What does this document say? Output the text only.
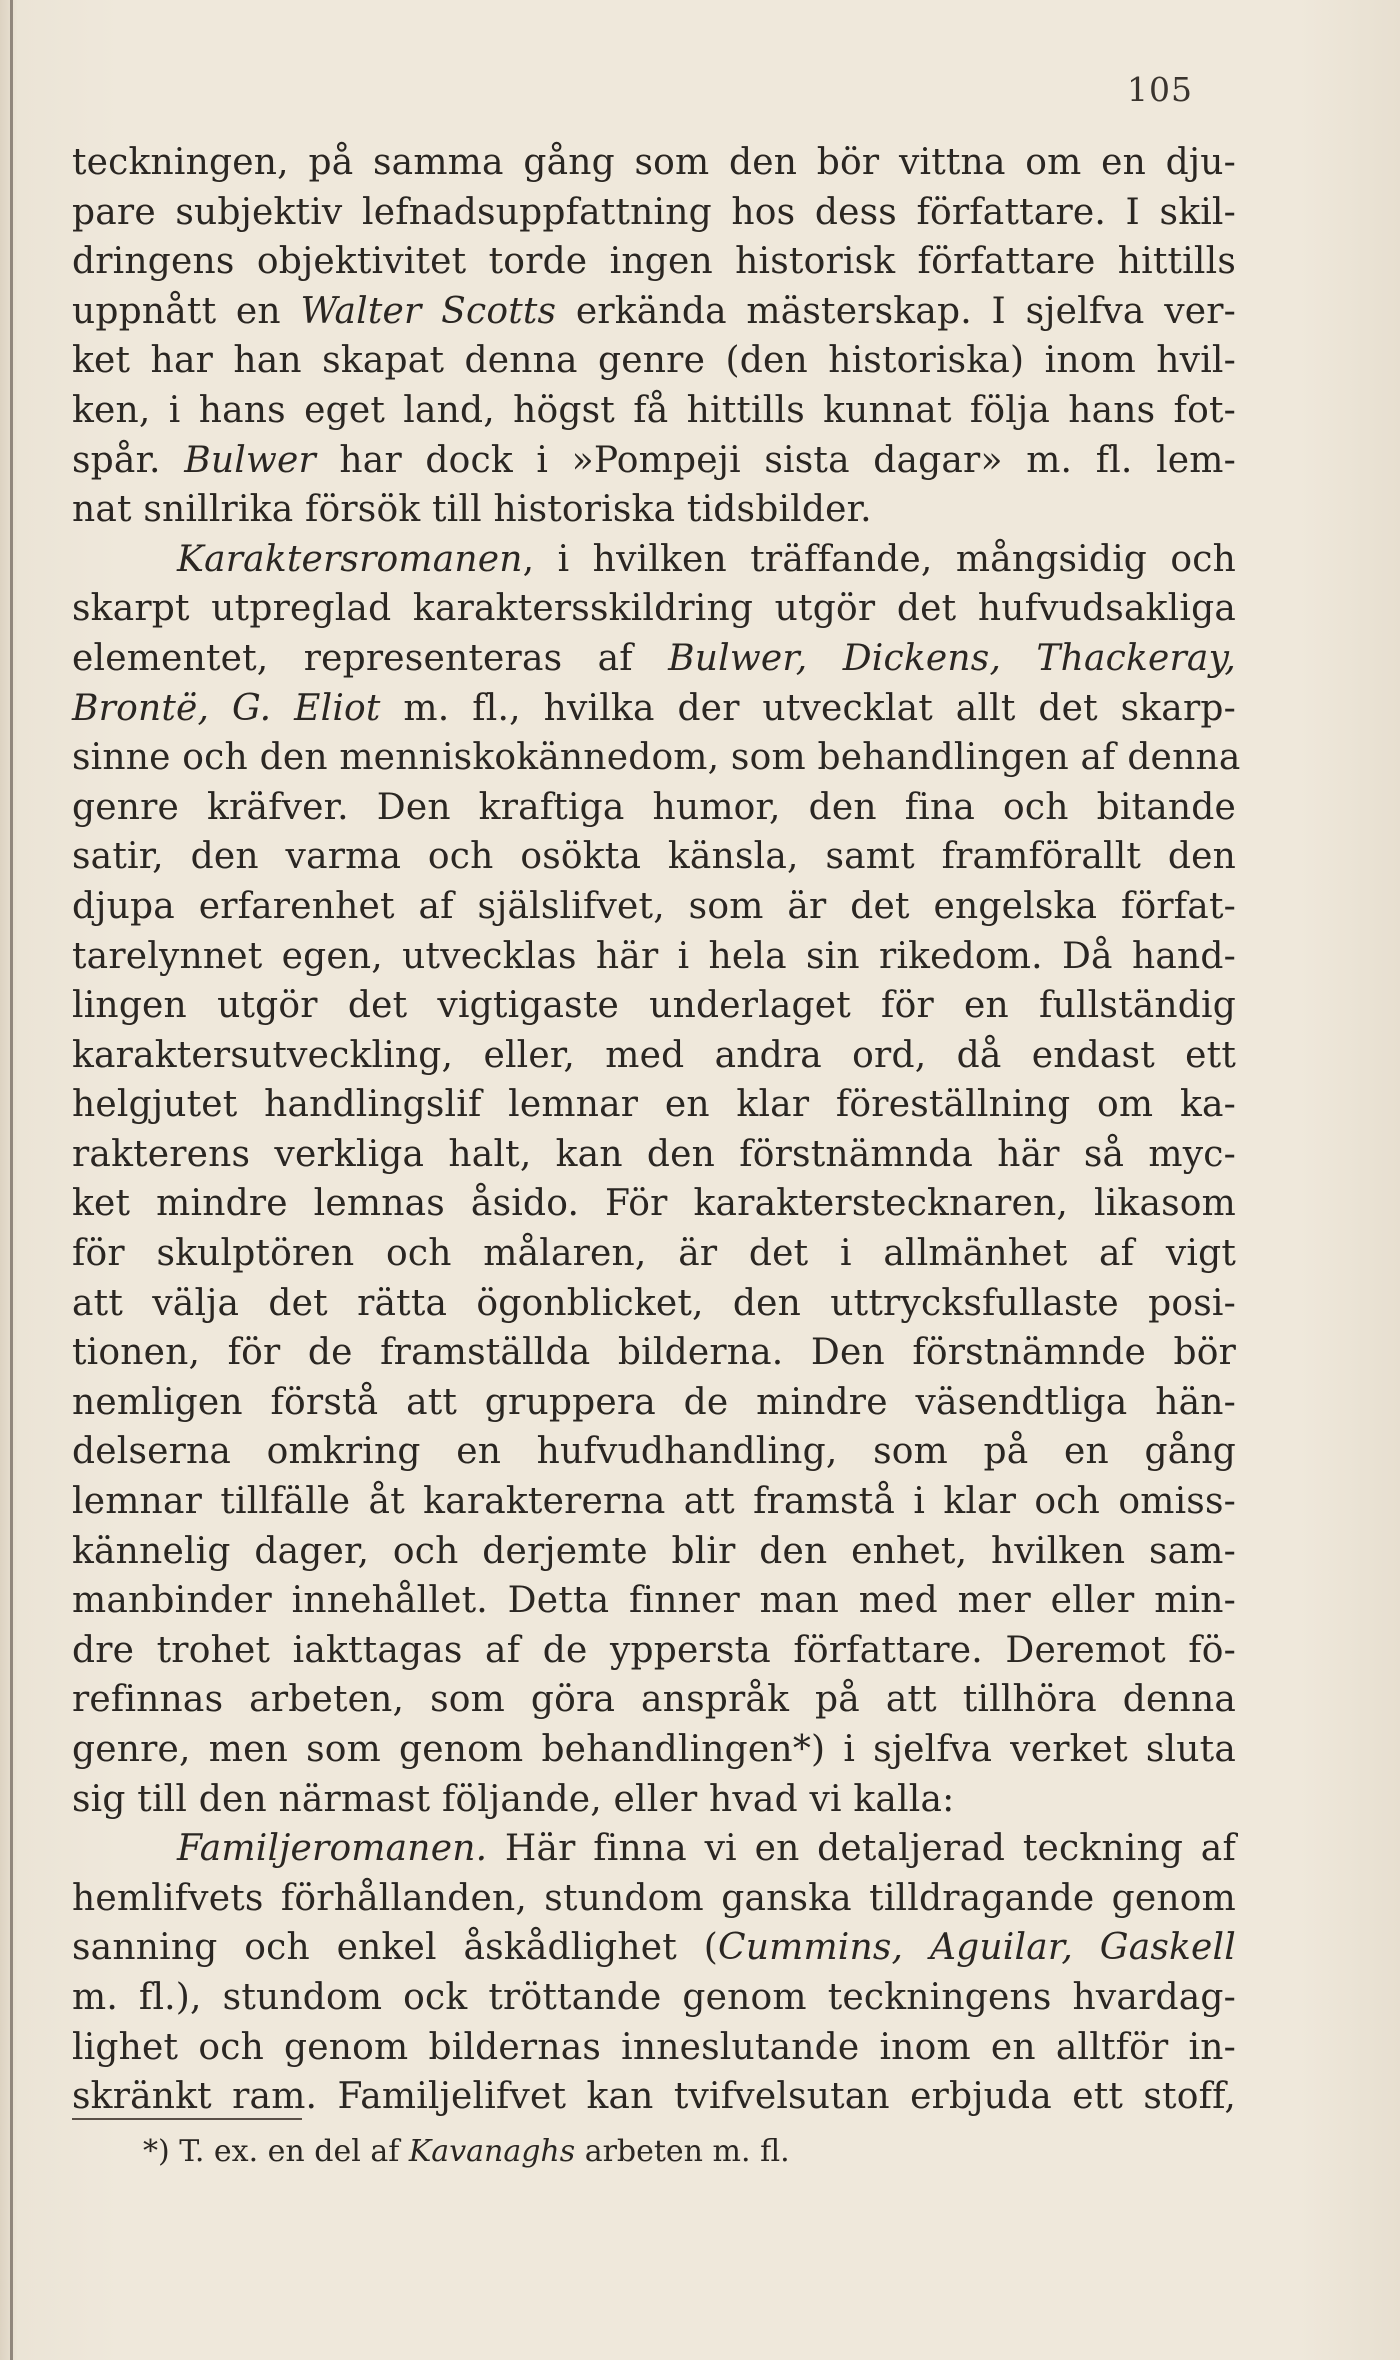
105
teckningen, på samma gång som den bör vittna om en dju-
pare subjektiv lefnadsuppfattning hos dess författare. I skil-
dringens objektivitet torde ingen historisk författare hittills
uppnått en Walter Scotts erkända mästerskap. I sjelfva ver-
ket har han skapat denna genre (den historiska) inom hvil-
ken, i hans eget land, högst få hittills kunnat följa hans fot-
spår. Bulwer har dock i »Pompeji sista dagar» m. fl. lem-
nat snillrika försök till historiska tidsbilder.
Karaktersromanen, i hvilken träffande, mångsidig och
skarpt utpreglad karaktersskildring utgör det hufvudsakliga
elementet, representeras af Bulwer, Dickens, Thackeray,
Brontë, G. Eliot m. fl., hvilka der utvecklat allt det skarp-
sinne och den menniskokännedom, som behandlingen af denna
genre kräfver. Den kraftiga humor, den fina och bitande
satir, den varma och osökta känsla, samt framförallt den
djupa erfarenhet af själslifvet, som är det engelska förfat-
tarelynnet egen, utvecklas här i hela sin rikedom. Då hand-
lingen utgör det vigtigaste underlaget för en fullständig
karaktersutveckling, eller, med andra ord, då endast ett
helgjutet handlingslif lemnar en klar föreställning om ka-
rakterens verkliga halt, kan den förstnämnda här så myc-
ket mindre lemnas åsido. För karakterstecknaren, likasom
för skulptören och målaren, är det i allmänhet af vigt
att välja det rätta ögonblicket, den uttrycksfullaste posi-
tionen, för de framställda bilderna. Den förstnämnde bör
nemligen förstå att gruppera de mindre väsendtliga hän-
delserna omkring en hufvudhandling, som på en gång
lemnar tillfälle åt karaktererna att framstå i klar och omiss-
kännelig dager, och derjemte blir den enhet, hvilken sam-
manbinder innehållet. Detta finner man med mer eller min-
dre trohet iakttagas af de yppersta författare. Deremot fö-
refinnas arbeten, som göra anspråk på att tillhöra denna
genre, men som genom behandlingen*) i sjelfva verket sluta
sig till den närmast följande, eller hvad vi kalla:
Familjeromanen. Här finna vi en detaljerad teckning af
hemlifvets förhållanden, stundom ganska tilldragande genom
sanning och enkel åskådlighet (Cummins, Aguilar, Gaskell
m. fl.), stundom ock tröttande genom teckningens hvardag-
lighet och genom bildernas inneslutande inom en alltför in-
skränkt ram. Familjelifvet kan tvifvelsutan erbjuda ett stoff,
*) T. ex. en del af Kavanaghs arbeten m. fl.
